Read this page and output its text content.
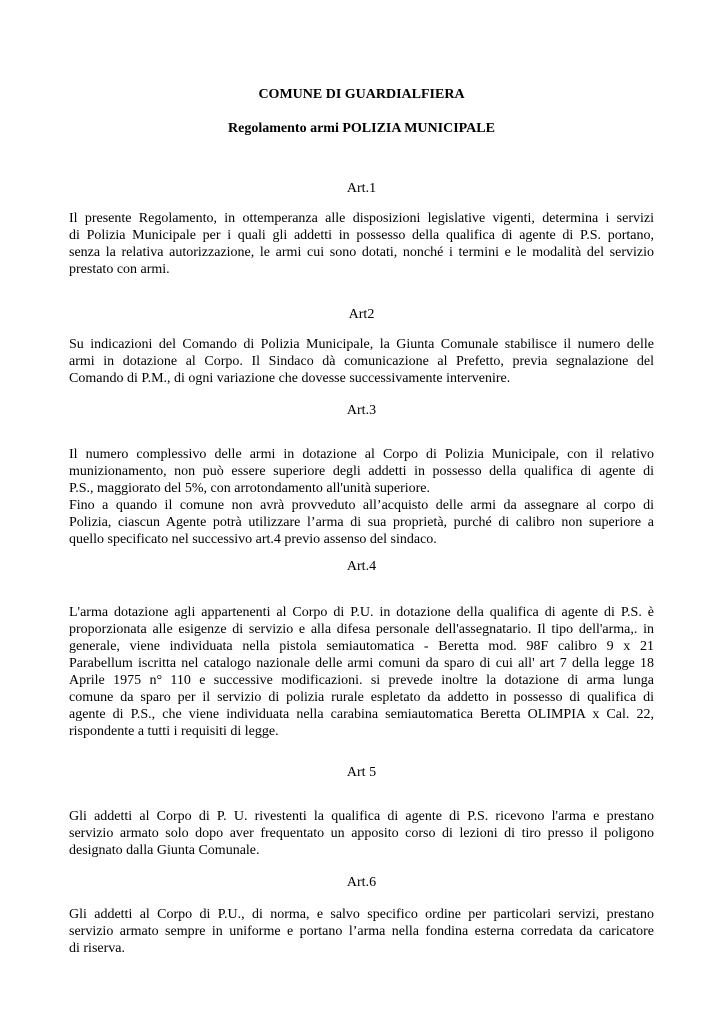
COMUNE DI GUARDIALFIERA
Regolamento armi POLIZIA MUNICIPALE
Art.1
Il presente Regolamento, in ottemperanza alle disposizioni legislative vigenti, determina i servizi
di Polizia Municipale per i quali gli addetti in possesso della qualifica di agente di P.S. portano,
senza la relativa autorizzazione, le armi cui sono dotati, nonché i termini e le modalità del servizio
prestato con armi.
Art2
Su indicazioni del Comando di Polizia Municipale, la Giunta Comunale stabilisce il numero delle
armi in dotazione al Corpo. Il Sindaco dà comunicazione al Prefetto, previa segnalazione del
Comando di P.M., di ogni variazione che dovesse successivamente intervenire.
Art.3
Il numero complessivo delle armi in dotazione al Corpo di Polizia Municipale, con il relativo
munizionamento, non può essere superiore degli addetti in possesso della qualifica di agente di
P.S., maggiorato del 5%, con arrotondamento all'unità superiore.
Fino a quando il comune non avrà provveduto all’acquisto delle armi da assegnare al corpo di
Polizia, ciascun Agente potrà utilizzare l’arma di sua proprietà, purché di calibro non superiore a
quello specificato nel successivo art.4 previo assenso del sindaco.
Art.4
L'arma dotazione agli appartenenti al Corpo di P.U. in dotazione della qualifica di agente di P.S. è
proporzionata alle esigenze di servizio e alla difesa personale dell'assegnatario. Il tipo dell'arma,. in
generale, viene individuata nella pistola semiautomatica - Beretta mod. 98F calibro 9 x 21
Parabellum iscritta nel catalogo nazionale delle armi comuni da sparo di cui all' art 7 della legge 18
Aprile 1975 n° 110 e successive modificazioni. si prevede inoltre la dotazione di arma lunga
comune da sparo per il servizio di polizia rurale espletato da addetto in possesso di qualifica di
agente di P.S., che viene individuata nella carabina semiautomatica Beretta OLIMPIA x Cal. 22,
rispondente a tutti i requisiti di legge.
Art 5
Gli addetti al Corpo di P. U. rivestenti la qualifica di agente di P.S. ricevono l'arma e prestano
servizio armato solo dopo aver frequentato un apposito corso di lezioni di tiro presso il poligono
designato dalla Giunta Comunale.
Art.6
Gli addetti al Corpo di P.U., di norma, e salvo specifico ordine per particolari servizi, prestano
servizio armato sempre in uniforme e portano l’arma nella fondina esterna corredata da caricatore
di riserva.
